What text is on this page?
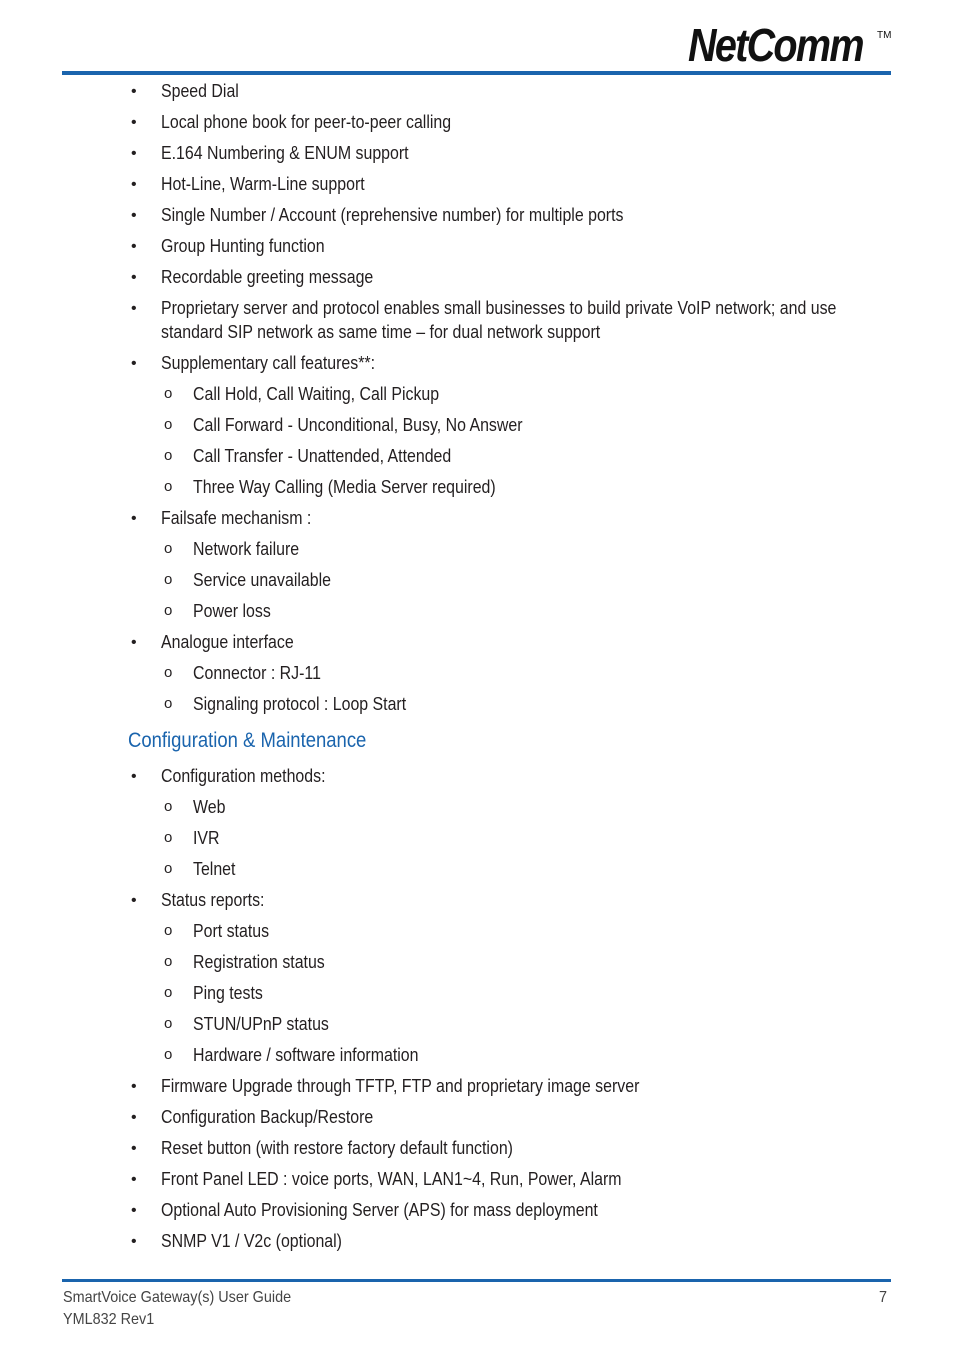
NetComm TM
• Speed Dial
• Local phone book for peer-to-peer calling
• E.164 Numbering & ENUM support
• Hot-Line, Warm-Line support
• Single Number / Account (reprehensive number) for multiple ports
• Group Hunting function
• Recordable greeting message
• Proprietary server and protocol enables small businesses to build private VoIP network; and use standard SIP network as same time – for dual network support
• Supplementary call features**:
o Call Hold, Call Waiting, Call Pickup
o Call Forward - Unconditional, Busy, No Answer
o Call Transfer - Unattended, Attended
o Three Way Calling (Media Server required)
• Failsafe mechanism :
o Network failure
o Service unavailable
o Power loss
• Analogue interface
o Connector : RJ-11
o Signaling protocol : Loop Start
Configuration & Maintenance
• Configuration methods:
o Web
o IVR
o Telnet
• Status reports:
o Port status
o Registration status
o Ping tests
o STUN/UPnP status
o Hardware / software information
• Firmware Upgrade through TFTP, FTP and proprietary image server
• Configuration Backup/Restore
• Reset button (with restore factory default function)
• Front Panel LED : voice ports, WAN, LAN1~4, Run, Power, Alarm
• Optional Auto Provisioning Server (APS) for mass deployment
• SNMP V1 / V2c (optional)
SmartVoice Gateway(s) User Guide
YML832 Rev1
7
